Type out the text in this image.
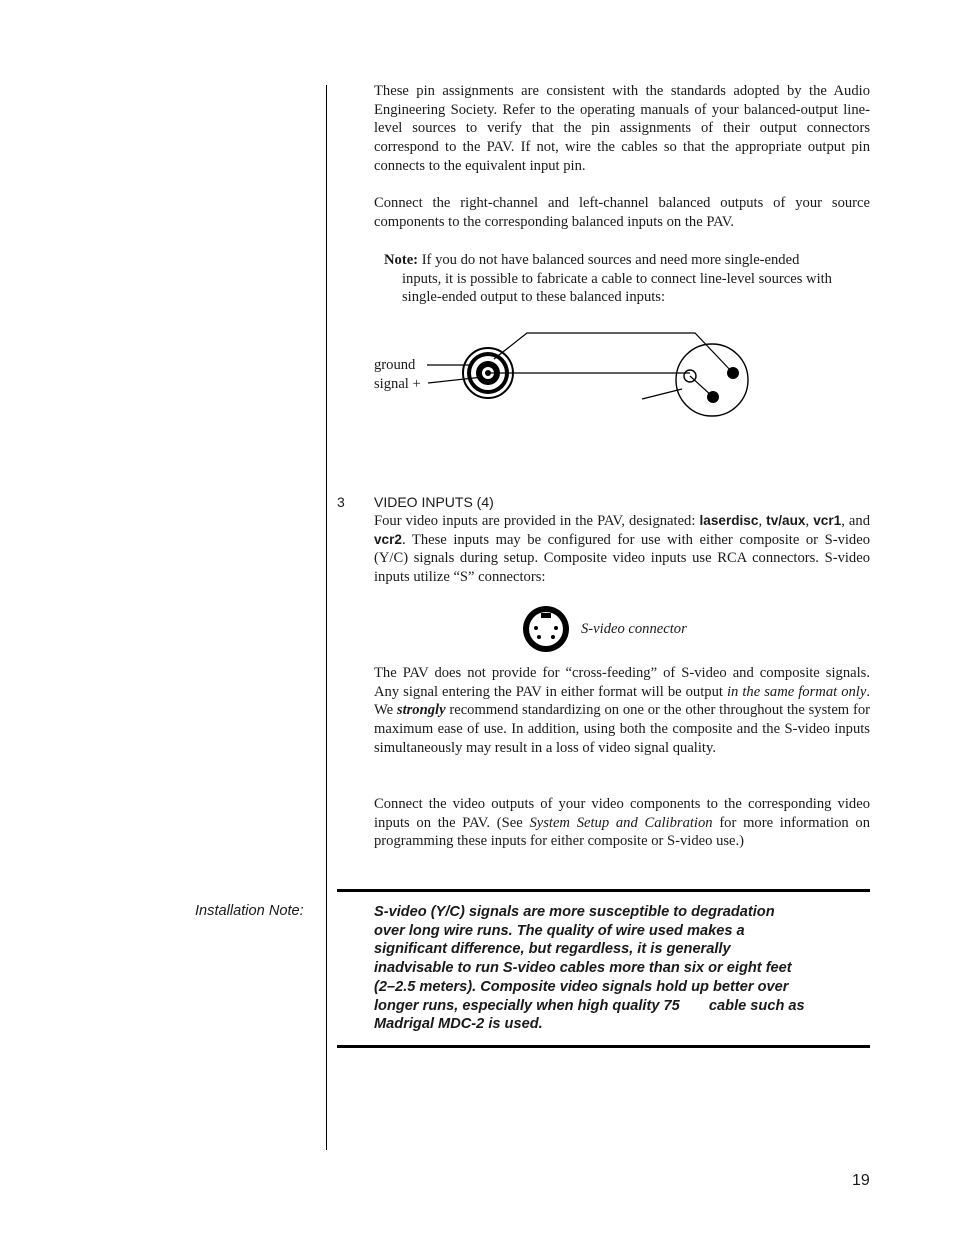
These pin assignments are consistent with the standards adopted by the Audio Engineering Society. Refer to the operating manuals of your balanced-output line-level sources to verify that the pin assignments of their output connectors correspond to the PAV. If not, wire the cables so that the appropriate output pin connects to the equivalent input pin.

Connect the right-channel and left-channel balanced outputs of your source components to the corresponding balanced inputs on the PAV.

Note: If you do not have balanced sources and need more single-ended inputs, it is possible to fabricate a cable to connect line-level sources with single-ended output to these balanced inputs:

ground
signal +
3 VIDEO INPUTS (4)

Four video inputs are provided in the PAV, designated: laserdisc, tv/aux, vcr1, and vcr2. These inputs may be configured for use with either composite or S-video (Y/C) signals during setup. Composite video inputs use RCA connectors. S-video inputs utilize “S” connectors:

S-video connector

The PAV does not provide for “cross-feeding” of S-video and composite signals. Any signal entering the PAV in either format will be output in the same format only. We strongly recommend standardizing on one or the other throughout the system for maximum ease of use. In addition, using both the composite and the S-video inputs simultaneously may result in a loss of video signal quality.

Connect the video outputs of your video components to the corresponding video inputs on the PAV. (See System Setup and Calibration for more information on programming these inputs for either composite or S-video use.)

Installation Note:	S-video (Y/C) signals are more susceptible to degradation
over long wire runs. The quality of wire used makes a
significant difference, but regardless, it is generally
inadvisable to run S-video cables more than six or eight feet
(2–2.5 meters). Composite video signals hold up better over
longer runs, especially when high quality 75  cable such as
Madrigal MDC-2 is used.
19
